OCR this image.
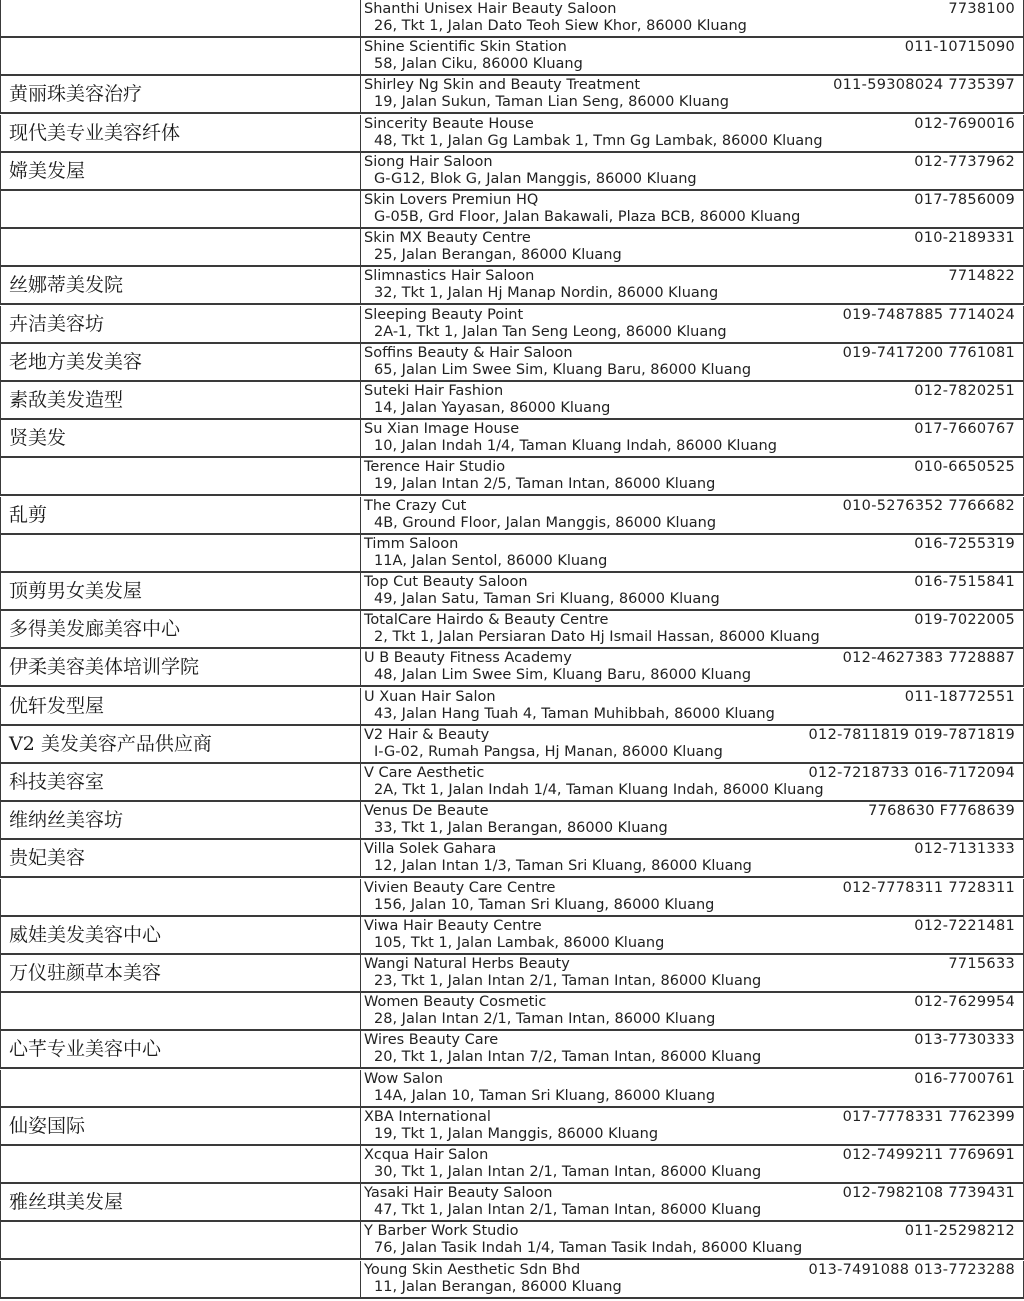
Shanthi Unisex Hair Beauty Saloon
26, Tkt 1, Jalan Dato Teoh Siew Khor, 86000 Kluang
7738100
Shine Scientific Skin Station
58, Jalan Ciku, 86000 Kluang
011-10715090
黄丽珠美容治疗	Shirley Ng Skin and Beauty Treatment
19, Jalan Sukun, Taman Lian Seng, 86000 Kluang
011-59308024 7735397
现代美专业美容纤体	Sincerity Beaute House
48, Tkt 1, Jalan Gg Lambak 1, Tmn Gg Lambak, 86000 Kluang
012-7690016
嫦美发屋	Siong Hair Saloon
G-G12, Blok G, Jalan Manggis, 86000 Kluang
012-7737962
Skin Lovers Premiun HQ
G-05B, Grd Floor, Jalan Bakawali, Plaza BCB, 86000 Kluang
017-7856009
Skin MX Beauty Centre
25, Jalan Berangan, 86000 Kluang
010-2189331
丝娜蒂美发院	Slimnastics Hair Saloon
32, Tkt 1, Jalan Hj Manap Nordin, 86000 Kluang
7714822
卉洁美容坊	Sleeping Beauty Point
2A-1, Tkt 1, Jalan Tan Seng Leong, 86000 Kluang
019-7487885 7714024
老地方美发美容	Soffins Beauty & Hair Saloon
65, Jalan Lim Swee Sim, Kluang Baru, 86000 Kluang
019-7417200 7761081
素敌美发造型	Suteki Hair Fashion
14, Jalan Yayasan, 86000 Kluang
012-7820251
贤美发	Su Xian Image House
10, Jalan Indah 1/4, Taman Kluang Indah, 86000 Kluang
017-7660767
Terence Hair Studio
19, Jalan Intan 2/5, Taman Intan, 86000 Kluang
010-6650525
乱剪	The Crazy Cut
4B, Ground Floor, Jalan Manggis, 86000 Kluang
010-5276352 7766682
Timm Saloon
11A, Jalan Sentol, 86000 Kluang
016-7255319
顶剪男女美发屋	Top Cut Beauty Saloon
49, Jalan Satu, Taman Sri Kluang, 86000 Kluang
016-7515841
多得美发廊美容中心	TotalCare Hairdo & Beauty Centre
2, Tkt 1, Jalan Persiaran Dato Hj Ismail Hassan, 86000 Kluang
019-7022005
伊柔美容美体培训学院	U B Beauty Fitness Academy
48, Jalan Lim Swee Sim, Kluang Baru, 86000 Kluang
012-4627383 7728887
优轩发型屋	U Xuan Hair Salon
43, Jalan Hang Tuah 4, Taman Muhibbah, 86000 Kluang
011-18772551
V2 美发美容产品供应商	V2 Hair & Beauty
I-G-02, Rumah Pangsa, Hj Manan, 86000 Kluang
012-7811819 019-7871819
科技美容室	V Care Aesthetic
2A, Tkt 1, Jalan Indah 1/4, Taman Kluang Indah, 86000 Kluang
012-7218733 016-7172094
维纳丝美容坊	Venus De Beaute
33, Tkt 1, Jalan Berangan, 86000 Kluang
7768630 F7768639
贵妃美容	Villa Solek Gahara
12, Jalan Intan 1/3, Taman Sri Kluang, 86000 Kluang
012-7131333
Vivien Beauty Care Centre
156, Jalan 10, Taman Sri Kluang, 86000 Kluang
012-7778311 7728311
威娃美发美容中心	Viwa Hair Beauty Centre
105, Tkt 1, Jalan Lambak, 86000 Kluang
012-7221481
万仪驻颜草本美容	Wangi Natural Herbs Beauty
23, Tkt 1, Jalan Intan 2/1, Taman Intan, 86000 Kluang
7715633
Women Beauty Cosmetic
28, Jalan Intan 2/1, Taman Intan, 86000 Kluang
012-7629954
心芊专业美容中心	Wires Beauty Care
20, Tkt 1, Jalan Intan 7/2, Taman Intan, 86000 Kluang
013-7730333
Wow Salon
14A, Jalan 10, Taman Sri Kluang, 86000 Kluang
016-7700761
仙姿国际	XBA International
19, Tkt 1, Jalan Manggis, 86000 Kluang
017-7778331 7762399
Xcqua Hair Salon
30, Tkt 1, Jalan Intan 2/1, Taman Intan, 86000 Kluang
012-7499211 7769691
雅丝琪美发屋	Yasaki Hair Beauty Saloon
47, Tkt 1, Jalan Intan 2/1, Taman Intan, 86000 Kluang
012-7982108 7739431
Y Barber Work Studio
76, Jalan Tasik Indah 1/4, Taman Tasik Indah, 86000 Kluang
011-25298212
Young Skin Aesthetic Sdn Bhd
11, Jalan Berangan, 86000 Kluang
013-7491088 013-7723288
